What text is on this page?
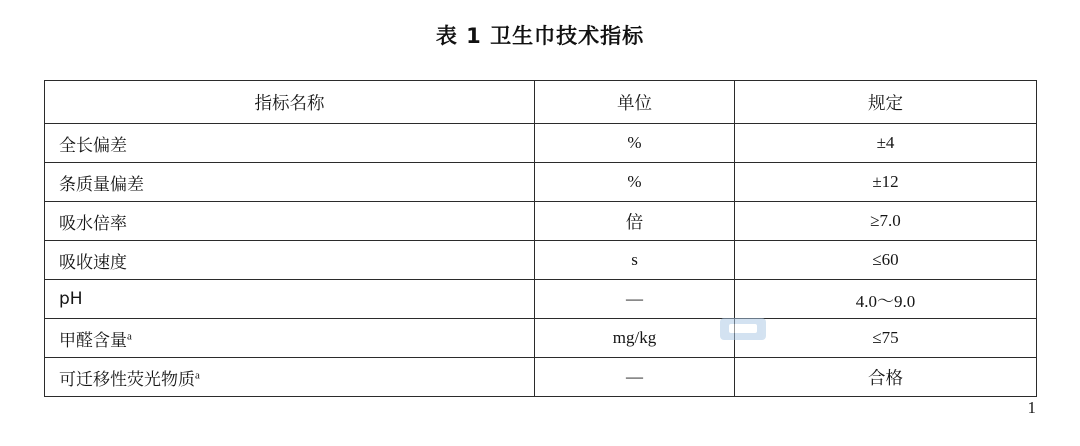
表 1 卫生巾技术指标
指标名称	单位	规定
全长偏差	%	±4
条质量偏差	%	±12
吸水倍率	倍	≥7.0
吸收速度	s	≤60
pH	—	4.0～9.0
甲醛含量$^a$	mg/kg	≤75
可迁移性荧光物质$^a$	—	合格
1
